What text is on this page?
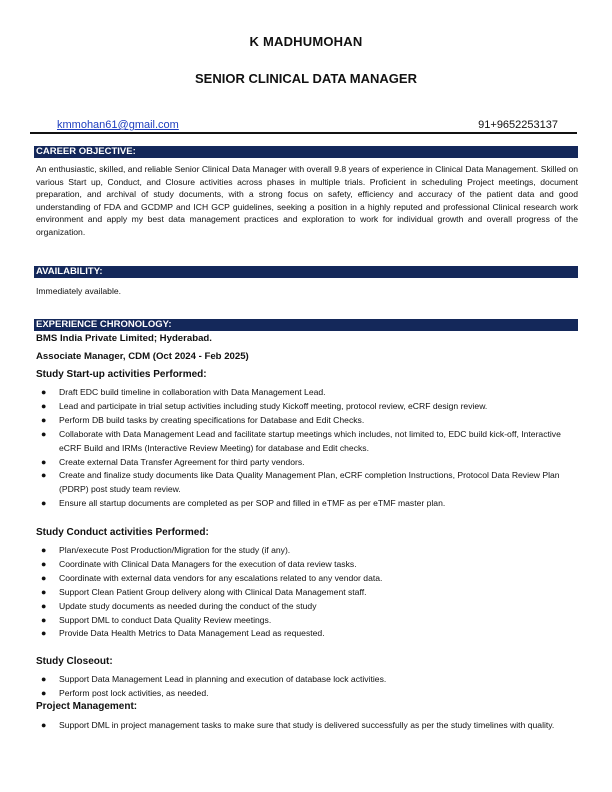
K MADHUMOHAN
SENIOR CLINICAL DATA MANAGER
kmmohan61@gmail.com	91+9652253137
CAREER OBJECTIVE:
An enthusiastic, skilled, and reliable Senior Clinical Data Manager with overall 9.8 years of experience in Clinical Data Management. Skilled on various Start up, Conduct, and Closure activities across phases in multiple trials. Proficient in scheduling Project meetings, document preparation, and archival of study documents, with a strong focus on safety, efficiency and accuracy of the patient data and good understanding of FDA and GCDMP and ICH GCP guidelines, seeking a position in a highly reputed and professional Clinical research work environment and apply my best data management practices and exploration to work for individual growth and overall progress of the organization.
AVAILABILITY:
Immediately available.
EXPERIENCE CHRONOLOGY:
BMS India Private Limited; Hyderabad.
Associate Manager, CDM (Oct 2024 - Feb 2025)
Study Start-up activities Performed:
● Draft EDC build timeline in collaboration with Data Management Lead.
● Lead and participate in trial setup activities including study Kickoff meeting, protocol review, eCRF design review.
● Perform DB build tasks by creating specifications for Database and Edit Checks.
● Collaborate with Data Management Lead and facilitate startup meetings which includes, not limited to, EDC build kick-off, Interactive eCRF Build and IRMs (Interactive Review Meeting) for database and Edit checks.
● Create external Data Transfer Agreement for third party vendors.
● Create and finalize study documents like Data Quality Management Plan, eCRF completion Instructions, Protocol Data Review Plan (PDRP) post study team review.
● Ensure all startup documents are completed as per SOP and filled in eTMF as per eTMF master plan.
Study Conduct activities Performed:
● Plan/execute Post Production/Migration for the study (if any).
● Coordinate with Clinical Data Managers for the execution of data review tasks.
● Coordinate with external data vendors for any escalations related to any vendor data.
● Support Clean Patient Group delivery along with Clinical Data Management staff.
● Update study documents as needed during the conduct of the study
● Support DML to conduct Data Quality Review meetings.
● Provide Data Health Metrics to Data Management Lead as requested.
Study Closeout:
● Support Data Management Lead in planning and execution of database lock activities.
● Perform post lock activities, as needed.
Project Management:
● Support DML in project management tasks to make sure that study is delivered successfully as per the study timelines with quality.
